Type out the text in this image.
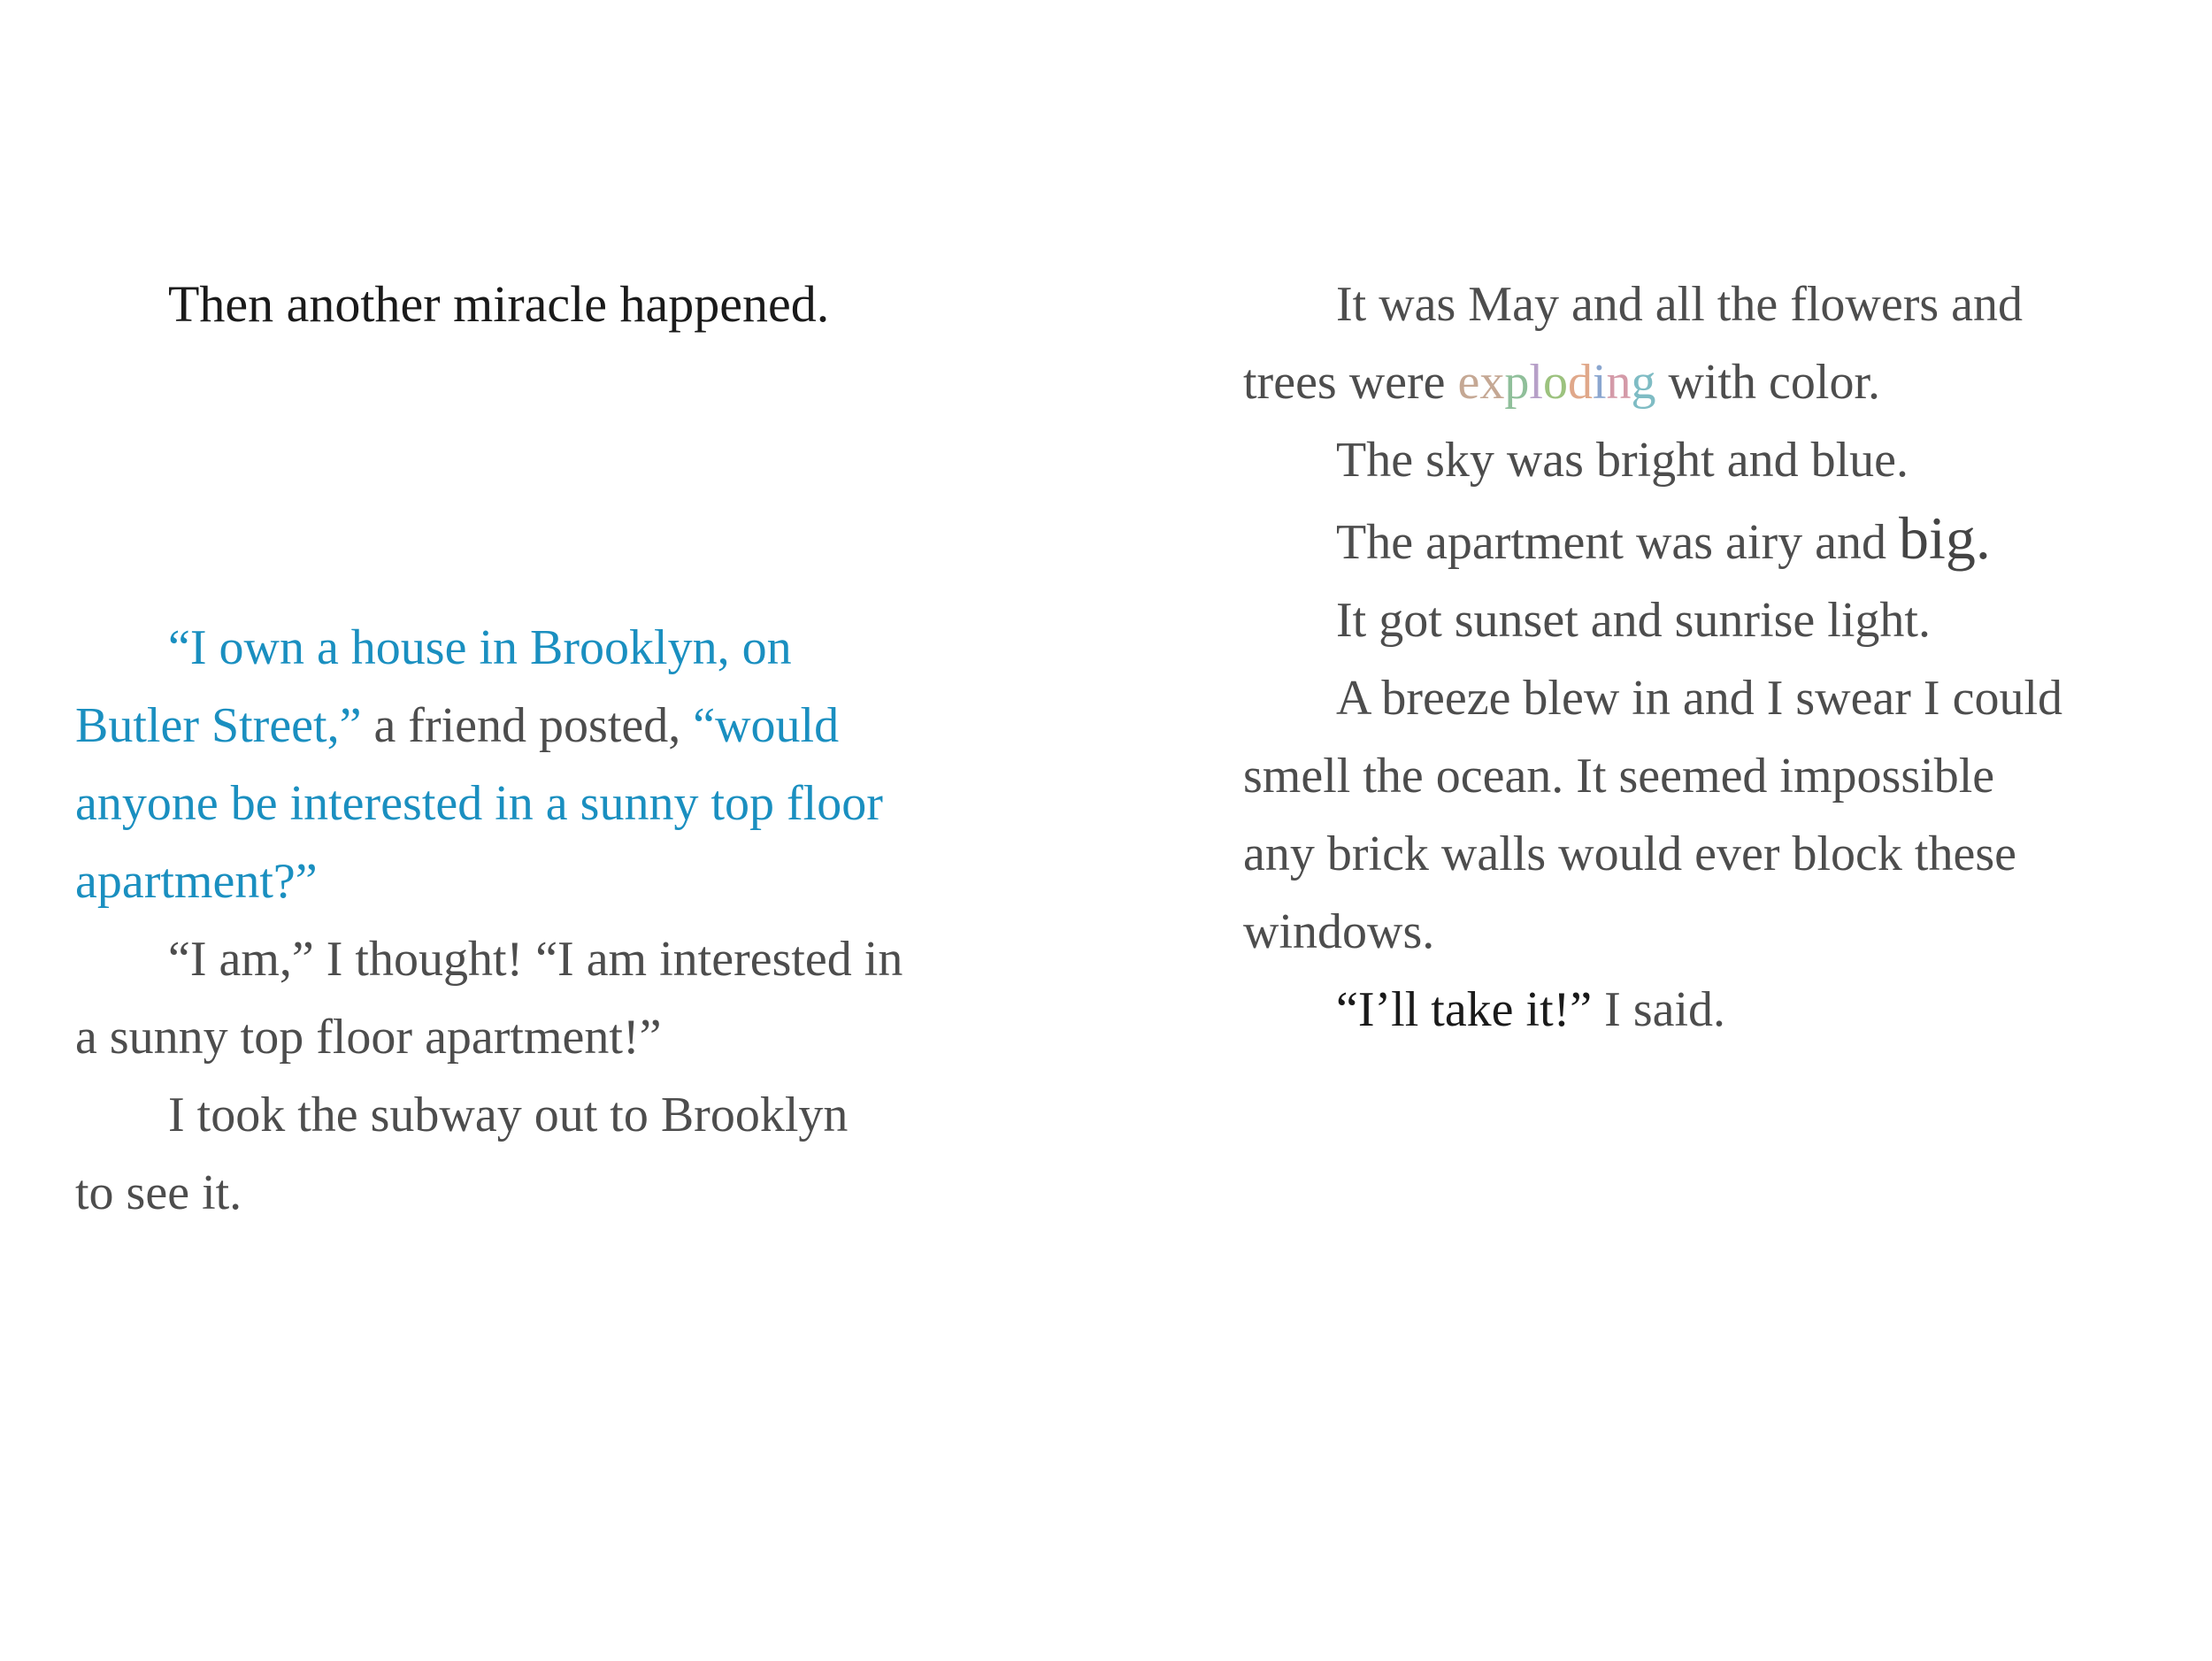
Then another miracle happened.
“I own a house in Brooklyn, on
Butler Street,” a friend posted, “would
anyone be interested in a sunny top floor
apartment?”
“I am,” I thought! “I am interested in
a sunny top floor apartment!”
I took the subway out to Brooklyn
to see it.
It was May and all the flowers and
trees were exploding with color.
The sky was bright and blue.
The apartment was airy and big.
It got sunset and sunrise light.
A breeze blew in and I swear I could
smell the ocean. It seemed impossible
any brick walls would ever block these
windows.
“I’ll take it!” I said.
